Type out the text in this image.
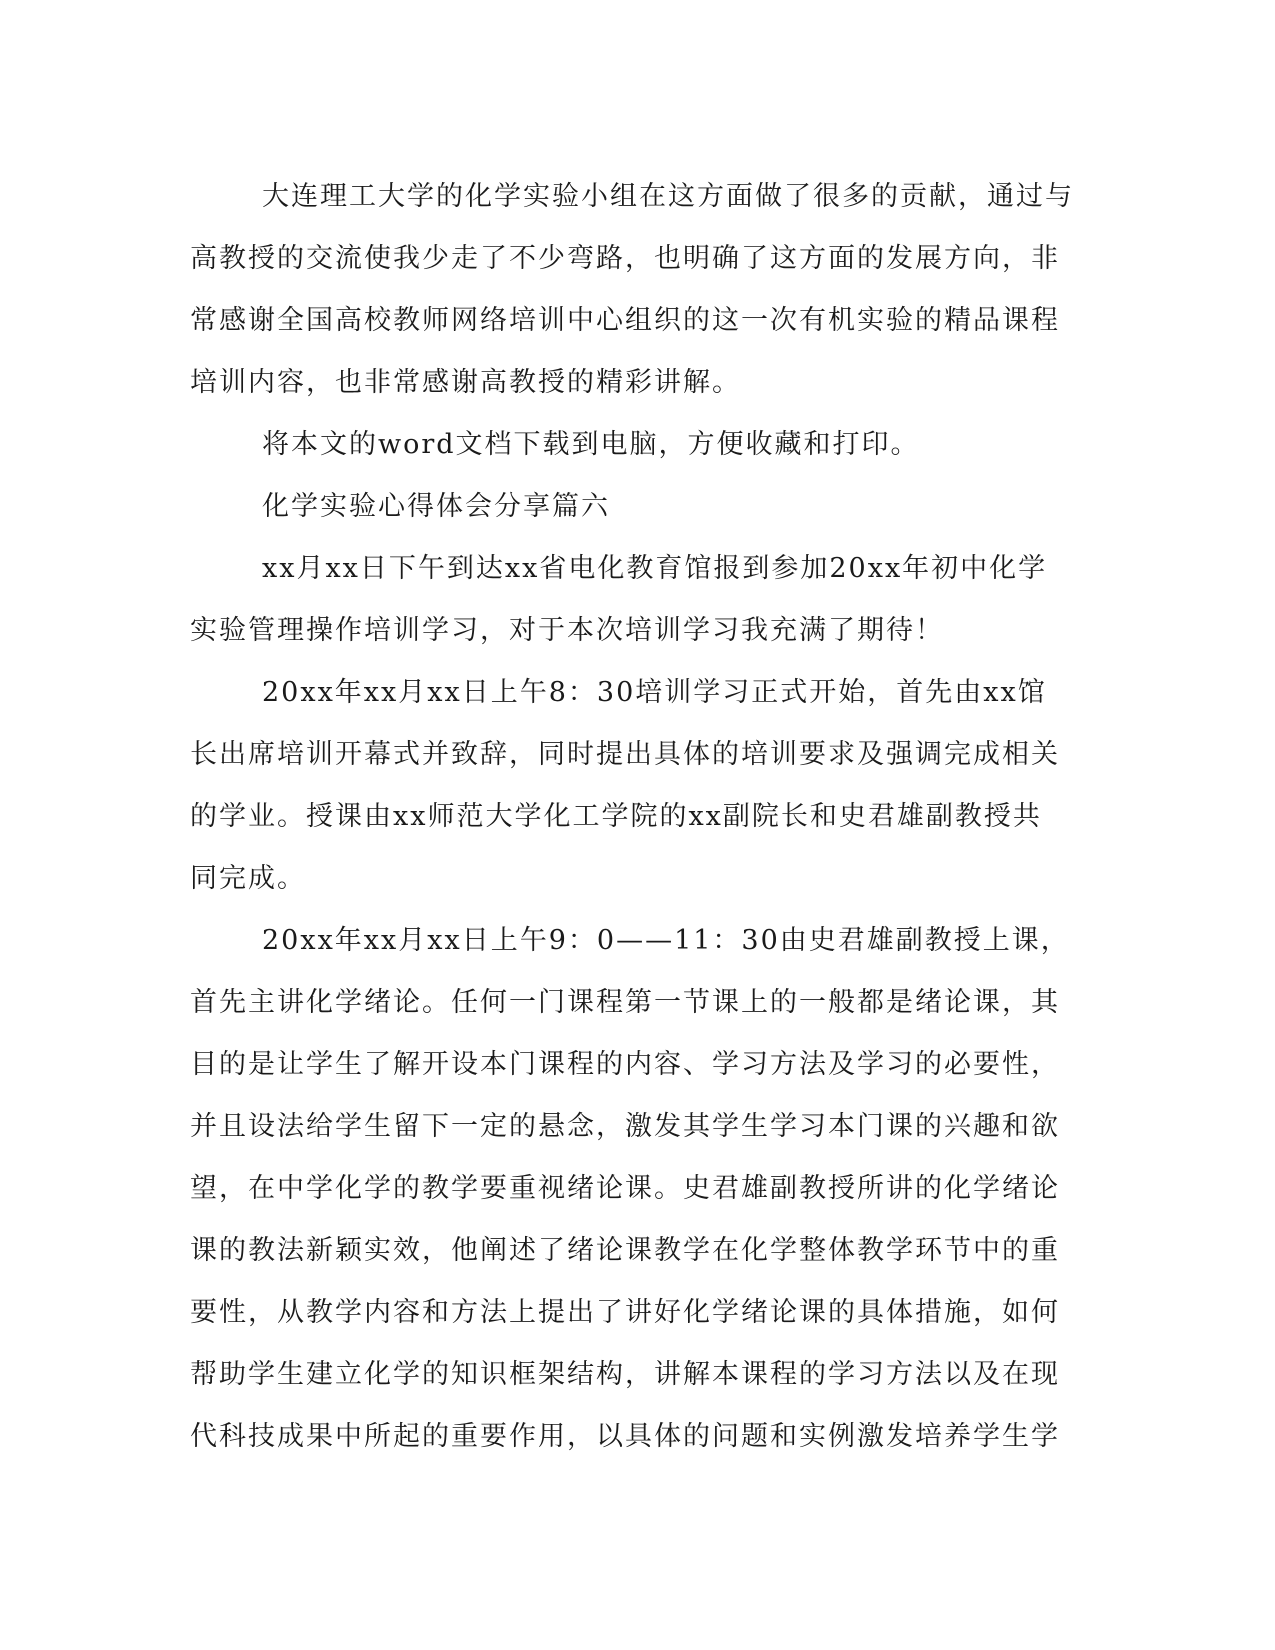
大连理工大学的化学实验小组在这方面做了很多的贡献，通过与
高教授的交流使我少走了不少弯路，也明确了这方面的发展方向，非
常感谢全国高校教师网络培训中心组织的这一次有机实验的精品课程
培训内容，也非常感谢高教授的精彩讲解。
将本文的word文档下载到电脑，方便收藏和打印。
化学实验心得体会分享篇六
xx月xx日下午到达xx省电化教育馆报到参加20xx年初中化学
实验管理操作培训学习，对于本次培训学习我充满了期待！
20xx年xx月xx日上午8：30培训学习正式开始，首先由xx馆
长出席培训开幕式并致辞，同时提出具体的培训要求及强调完成相关
的学业。授课由xx师范大学化工学院的xx副院长和史君雄副教授共
同完成。
20xx年xx月xx日上午9：0——11：30由史君雄副教授上课，
首先主讲化学绪论。任何一门课程第一节课上的一般都是绪论课，其
目的是让学生了解开设本门课程的内容、学习方法及学习的必要性，
并且设法给学生留下一定的悬念，激发其学生学习本门课的兴趣和欲
望，在中学化学的教学要重视绪论课。史君雄副教授所讲的化学绪论
课的教法新颖实效，他阐述了绪论课教学在化学整体教学环节中的重
要性，从教学内容和方法上提出了讲好化学绪论课的具体措施，如何
帮助学生建立化学的知识框架结构，讲解本课程的学习方法以及在现
代科技成果中所起的重要作用，以具体的问题和实例激发培养学生学
